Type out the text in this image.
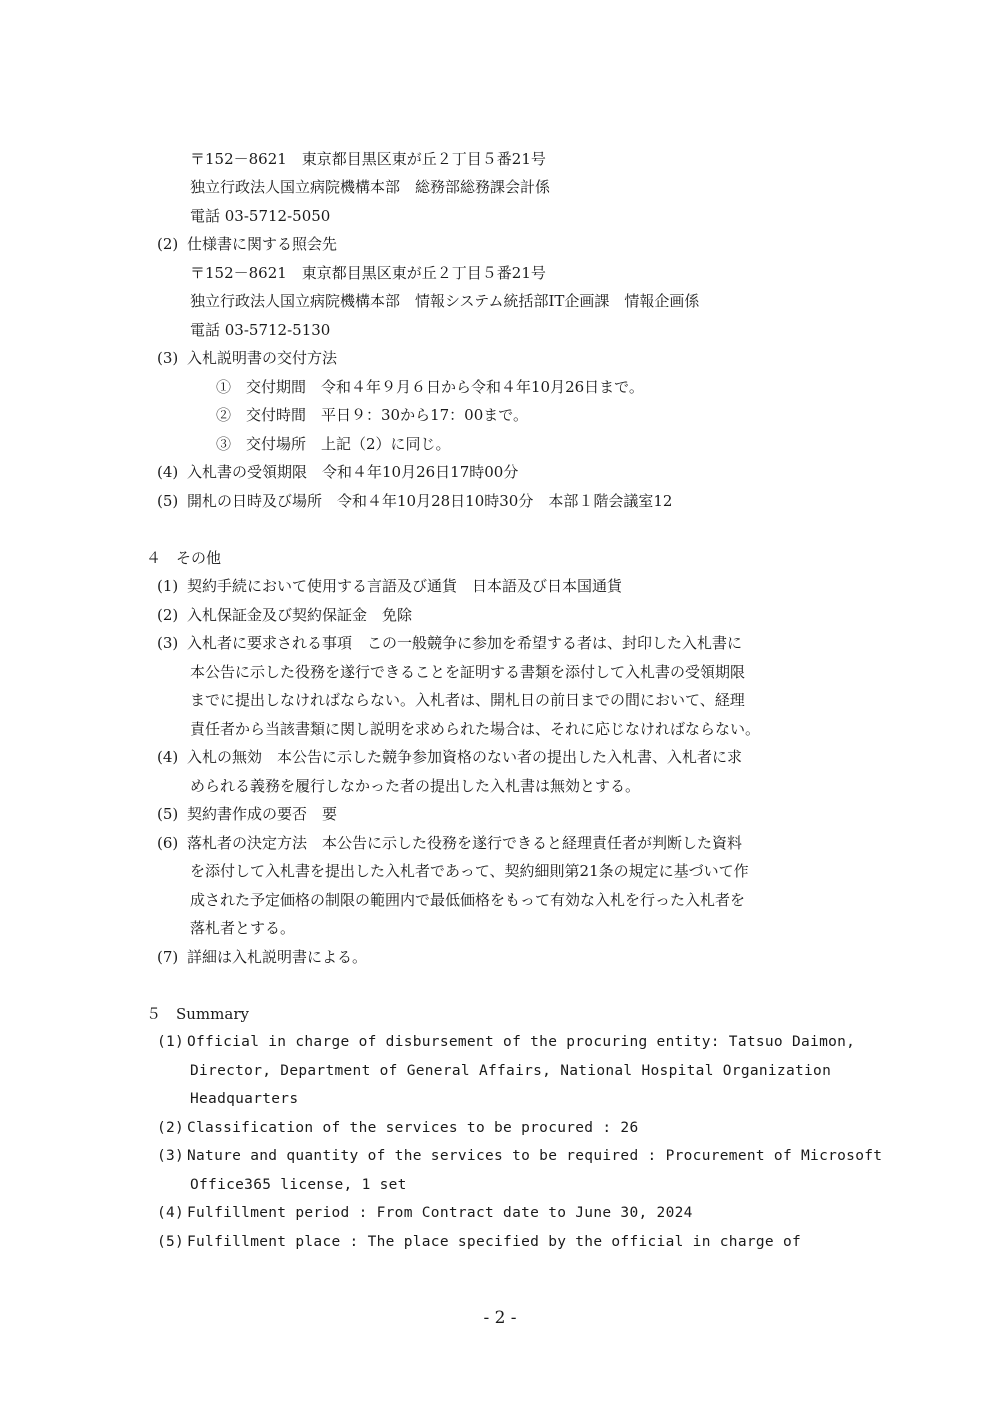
〒152－8621　東京都目黒区東が丘２丁目５番21号
独立行政法人国立病院機構本部　総務部総務課会計係
電話 03-5712-5050
(2) 仕様書に関する照会先
〒152－8621　東京都目黒区東が丘２丁目５番21号
独立行政法人国立病院機構本部　情報システム統括部IT企画課　情報企画係
電話 03-5712-5130
(3) 入札説明書の交付方法
①　交付期間　令和４年９月６日から令和４年10月26日まで。
②　交付時間　平日９：30から17：00まで。
③　交付場所　上記（2）に同じ。
(4) 入札書の受領期限　令和４年10月26日17時00分
(5) 開札の日時及び場所　令和４年10月28日10時30分　本部１階会議室12
４　その他
(1) 契約手続において使用する言語及び通貨　日本語及び日本国通貨
(2) 入札保証金及び契約保証金　免除
(3) 入札者に要求される事項　この一般競争に参加を希望する者は、封印した入札書に
本公告に示した役務を遂行できることを証明する書類を添付して入札書の受領期限
までに提出しなければならない。入札者は、開札日の前日までの間において、経理
責任者から当該書類に関し説明を求められた場合は、それに応じなければならない。
(4) 入札の無効　本公告に示した競争参加資格のない者の提出した入札書、入札者に求
められる義務を履行しなかった者の提出した入札書は無効とする。
(5) 契約書作成の要否　要
(6) 落札者の決定方法　本公告に示した役務を遂行できると経理責任者が判断した資料
を添付して入札書を提出した入札者であって、契約細則第21条の規定に基づいて作
成された予定価格の制限の範囲内で最低価格をもって有効な入札を行った入札者を
落札者とする。
(7) 詳細は入札説明書による。
５　Summary
(1) Official in charge of disbursement of the procuring entity: Tatsuo Daimon,
Director, Department of General Affairs, National Hospital Organization
Headquarters
(2) Classification of the services to be procured : 26
(3) Nature and quantity of the services to be required : Procurement of Microsoft
Office365 license, 1 set
(4) Fulfillment period : From Contract date to June 30, 2024
(5) Fulfillment place : The place specified by the official in charge of
- 2 -
